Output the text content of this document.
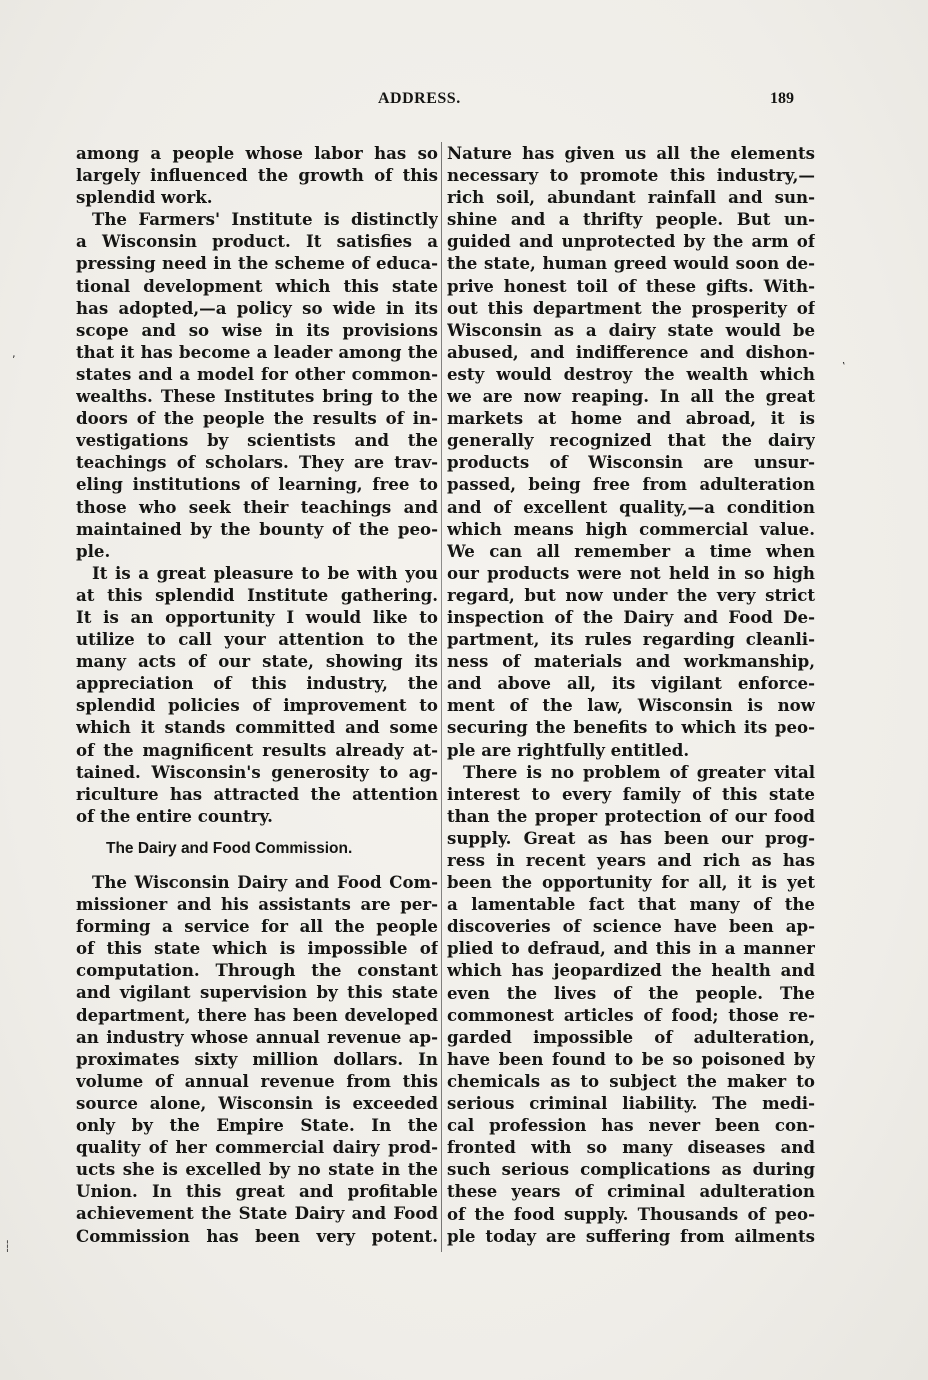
ADDRESS.	189
among a people whose labor has so
largely influenced the growth of this
splendid work.
The Farmers' Institute is distinctly
a Wisconsin product. It satisfies a
pressing need in the scheme of educa-
tional development which this state
has adopted,—a policy so wide in its
scope and so wise in its provisions
that it has become a leader among the
states and a model for other common-
wealths. These Institutes bring to the
doors of the people the results of in-
vestigations by scientists and the
teachings of scholars. They are trav-
eling institutions of learning, free to
those who seek their teachings and
maintained by the bounty of the peo-
ple.
It is a great pleasure to be with you
at this splendid Institute gathering.
It is an opportunity I would like to
utilize to call your attention to the
many acts of our state, showing its
appreciation of this industry, the
splendid policies of improvement to
which it stands committed and some
of the magnificent results already at-
tained. Wisconsin's generosity to ag-
riculture has attracted the attention
of the entire country.
The Dairy and Food Commission.
The Wisconsin Dairy and Food Com-
missioner and his assistants are per-
forming a service for all the people
of this state which is impossible of
computation. Through the constant
and vigilant supervision by this state
department, there has been developed
an industry whose annual revenue ap-
proximates sixty million dollars. In
volume of annual revenue from this
source alone, Wisconsin is exceeded
only by the Empire State. In the
quality of her commercial dairy prod-
ucts she is excelled by no state in the
Union. In this great and profitable
achievement the State Dairy and Food
Commission has been very potent.
Nature has given us all the elements
necessary to promote this industry,—
rich soil, abundant rainfall and sun-
shine and a thrifty people. But un-
guided and unprotected by the arm of
the state, human greed would soon de-
prive honest toil of these gifts. With-
out this department the prosperity of
Wisconsin as a dairy state would be
abused, and indifference and dishon-
esty would destroy the wealth which
we are now reaping. In all the great
markets at home and abroad, it is
generally recognized that the dairy
products of Wisconsin are unsur-
passed, being free from adulteration
and of excellent quality,—a condition
which means high commercial value.
We can all remember a time when
our products were not held in so high
regard, but now under the very strict
inspection of the Dairy and Food De-
partment, its rules regarding cleanli-
ness of materials and workmanship,
and above all, its vigilant enforce-
ment of the law, Wisconsin is now
securing the benefits to which its peo-
ple are rightfully entitled.
There is no problem of greater vital
interest to every family of this state
than the proper protection of our food
supply. Great as has been our prog-
ress in recent years and rich as has
been the opportunity for all, it is yet
a lamentable fact that many of the
discoveries of science have been ap-
plied to defraud, and this in a manner
which has jeopardized the health and
even the lives of the people. The
commonest articles of food; those re-
garded impossible of adulteration,
have been found to be so poisoned by
chemicals as to subject the maker to
serious criminal liability. The medi-
cal profession has never been con-
fronted with so many diseases and
such serious complications as during
these years of criminal adulteration
of the food supply. Thousands of peo-
ple today are suffering from ailments
‚
‛
┆
